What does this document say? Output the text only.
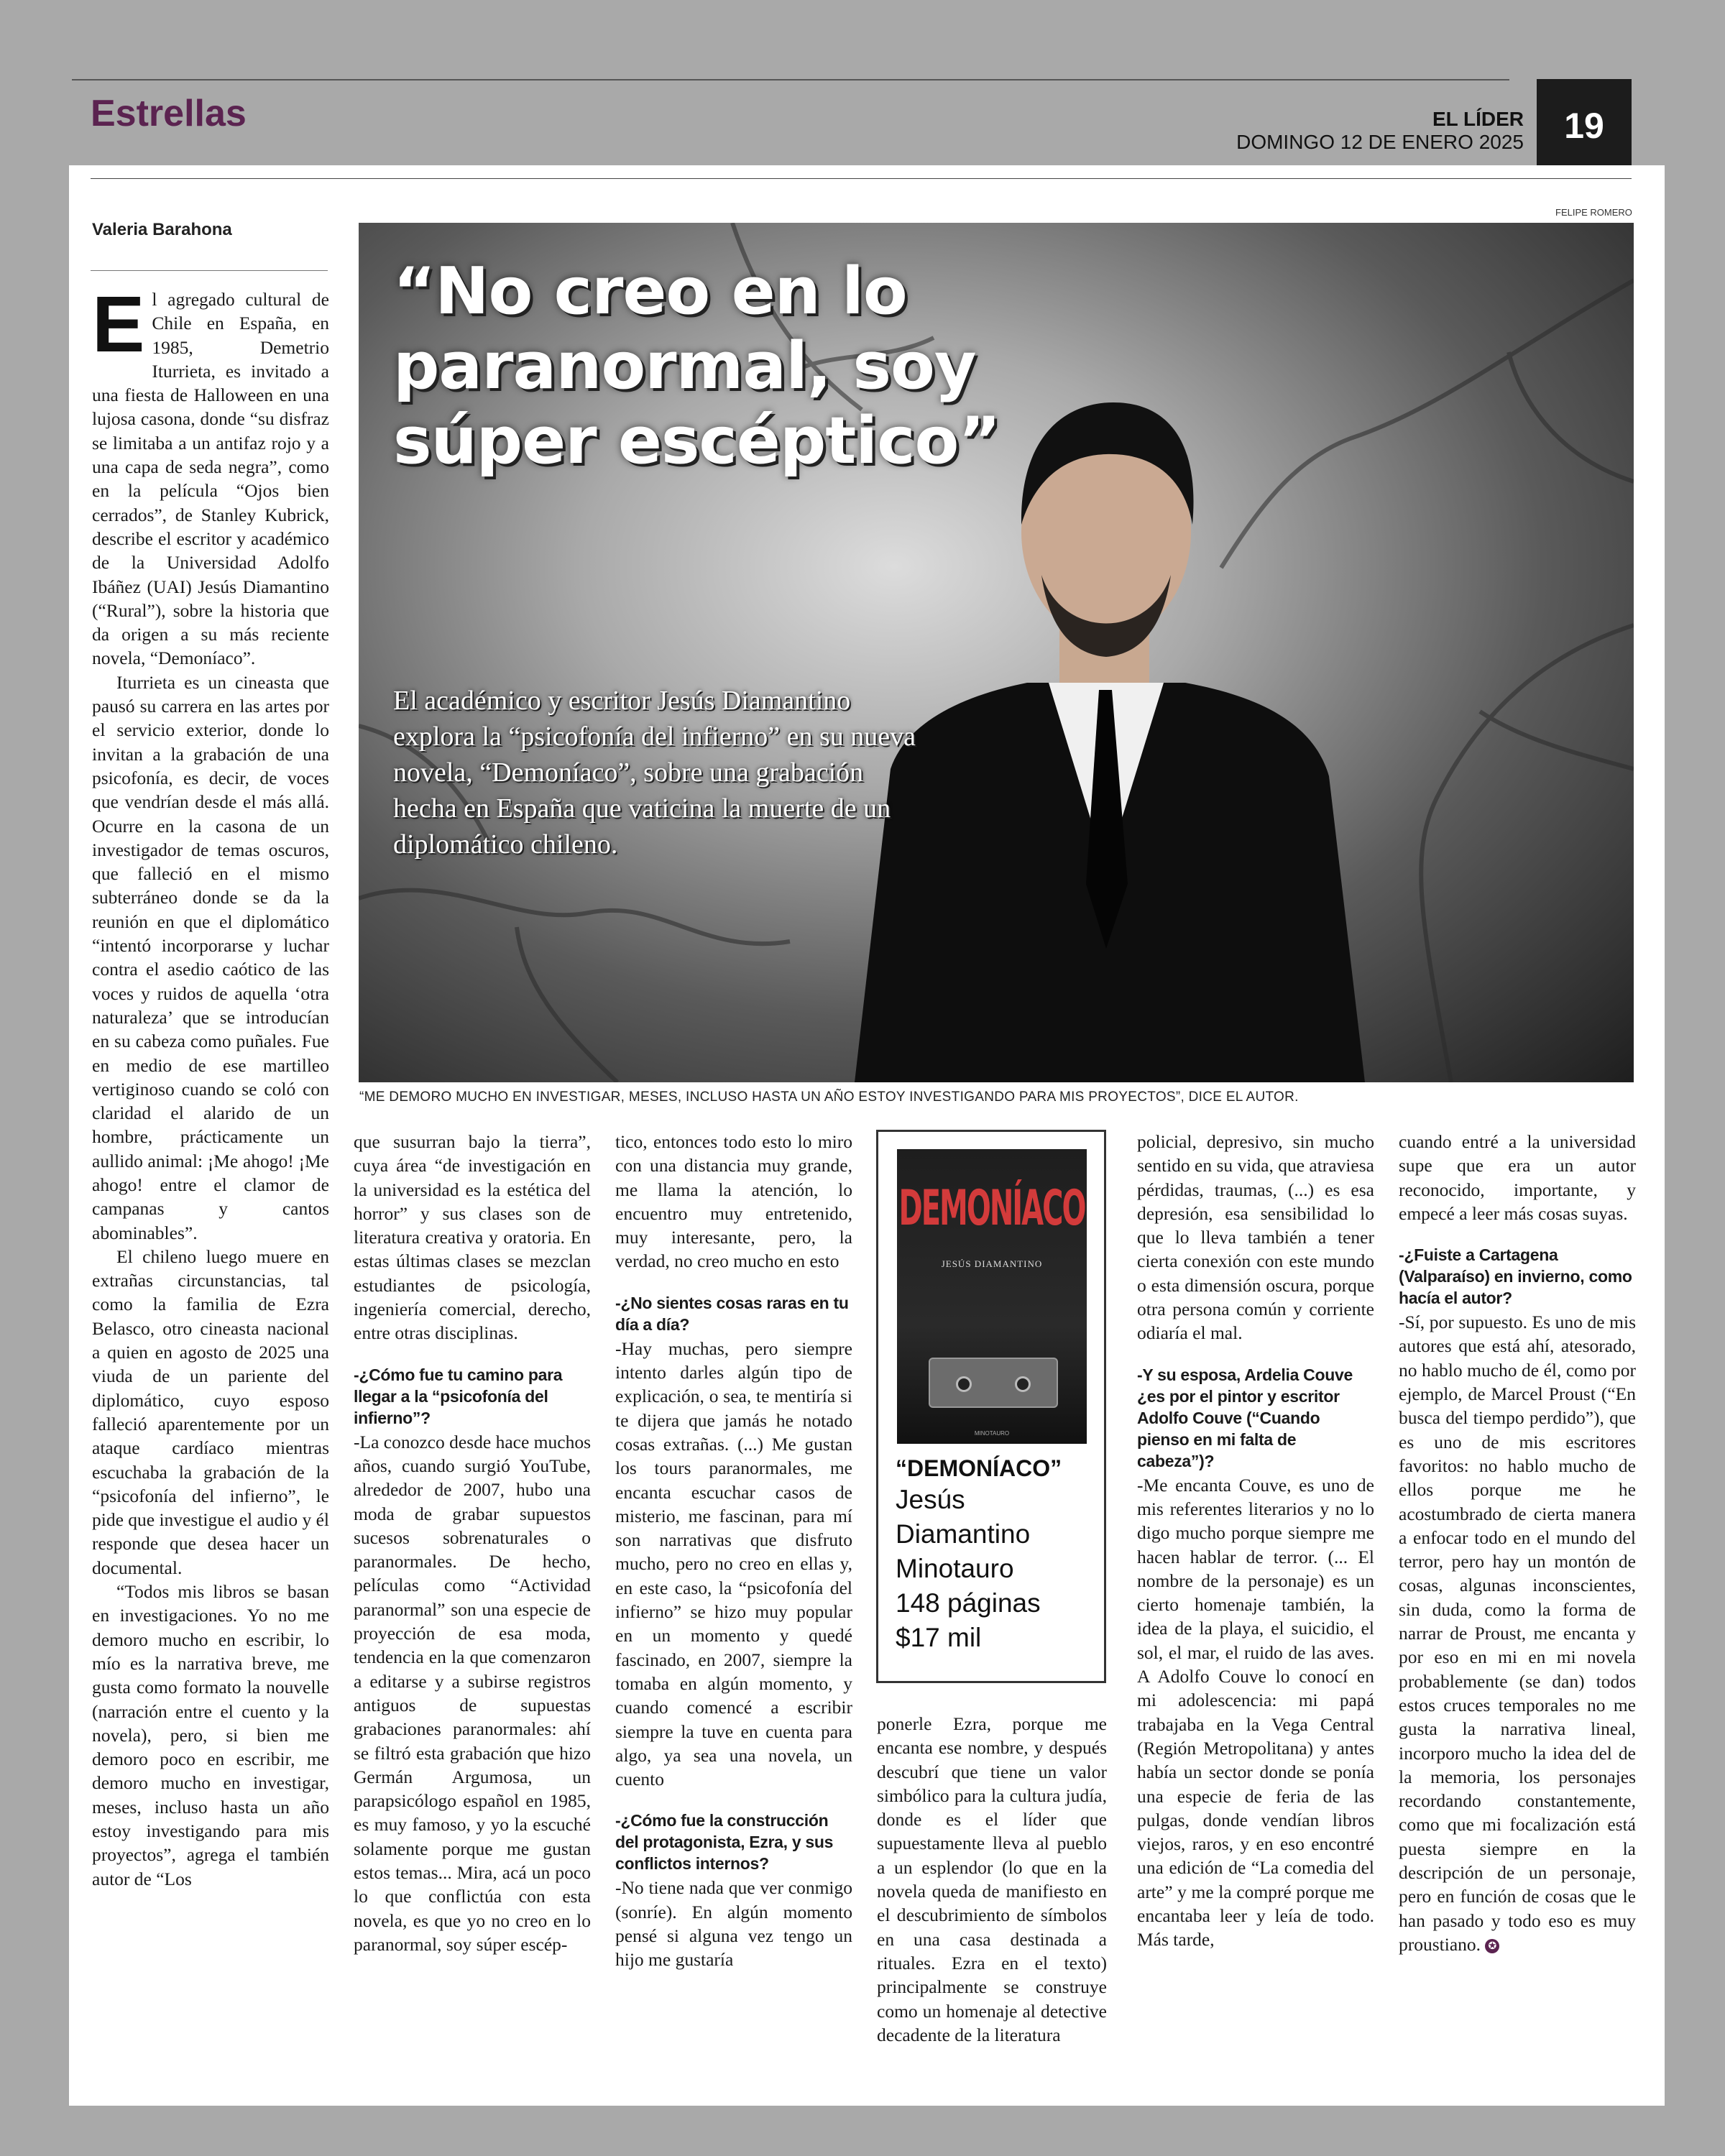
Estrellas	EL LÍDER
DOMINGO 12 DE ENERO 2025	19
Valeria Barahona
FELIPE ROMERO
“No creo en lo paranormal, soy súper escéptico”
El académico y escritor Jesús Diamantino explora la “psicofonía del infierno” en su nueva novela, “Demoníaco”, sobre una grabación hecha en España que vaticina la muerte de un diplomático chileno.
“ME DEMORO MUCHO EN INVESTIGAR, MESES, INCLUSO HASTA UN AÑO ESTOY INVESTIGANDO PARA MIS PROYECTOS”, DICE EL AUTOR.

El agregado cultural de Chile en España, en 1985, Demetrio Iturrieta, es invitado a una fiesta de Halloween en una lujosa casona, donde “su disfraz se limitaba a un antifaz rojo y a una capa de seda negra”, como en la película “Ojos bien cerrados”, de Stanley Kubrick, describe el escritor y académico de la Universidad Adolfo Ibáñez (UAI) Jesús Diamantino (“Rural”), sobre la historia que da origen a su más reciente novela, “Demoníaco”.

Iturrieta es un cineasta que pausó su carrera en las artes por el servicio exterior, donde lo invitan a la grabación de una psicofonía, es decir, de voces que vendrían desde el más allá. Ocurre en la casona de un investigador de temas oscuros, que falleció en el mismo subterráneo donde se da la reunión en que el diplomático “intentó incorporarse y luchar contra el asedio caótico de las voces y ruidos de aquella ‘otra naturaleza’ que se introducían en su cabeza como puñales. Fue en medio de ese martilleo vertiginoso cuando se coló con claridad el alarido de un hombre, prácticamente un aullido animal: ¡Me ahogo! ¡Me ahogo! entre el clamor de campanas y cantos abominables”.

El chileno luego muere en extrañas circunstancias, tal como la familia de Ezra Belasco, otro cineasta nacional a quien en agosto de 2025 una viuda de un pariente del diplomático, cuyo esposo falleció aparentemente por un ataque cardíaco mientras escuchaba la grabación de la “psicofonía del infierno”, le pide que investigue el audio y él responde que desea hacer un documental.

“Todos mis libros se basan en investigaciones. Yo no me demoro mucho en escribir, lo mío es la narrativa breve, me gusta como formato la nouvelle (narración entre el cuento y la novela), pero, si bien me demoro poco en escribir, me demoro mucho en investigar, meses, incluso hasta un año estoy investigando para mis proyectos”, agrega el también autor de “Los

que susurran bajo la tierra”, cuya área “de investigación en la universidad es la estética del horror” y sus clases son de literatura creativa y oratoria. En estas últimas clases se mezclan estudiantes de psicología, ingeniería comercial, derecho, entre otras disciplinas.

-¿Cómo fue tu camino para llegar a la “psicofonía del infierno”?

-La conozco desde hace muchos años, cuando surgió YouTube, alrededor de 2007, hubo una moda de grabar supuestos sucesos sobrenaturales o paranormales. De hecho, películas como “Actividad paranormal” son una especie de proyección de esa moda, tendencia en la que comenzaron a editarse y a subirse registros antiguos de supuestas grabaciones paranormales: ahí se filtró esta grabación que hizo Germán Argumosa, un parapsicólogo español en 1985, es muy famoso, y yo la escuché solamente porque me gustan estos temas... Mira, acá un poco lo que conflictúa con esta novela, es que yo no creo en lo paranormal, soy súper escép-

tico, entonces todo esto lo miro con una distancia muy grande, me llama la atención, lo encuentro muy entretenido, muy interesante, pero, la verdad, no creo mucho en esto

-¿No sientes cosas raras en tu día a día?

-Hay muchas, pero siempre intento darles algún tipo de explicación, o sea, te mentiría si te dijera que jamás he notado cosas extrañas. (...) Me gustan los tours paranormales, me encanta escuchar casos de misterio, me fascinan, para mí son narrativas que disfruto mucho, pero no creo en ellas y, en este caso, la “psicofonía del infierno” se hizo muy popular en un momento y quedé fascinado, en 2007, siempre la tomaba en algún momento, y cuando comencé a escribir siempre la tuve en cuenta para algo, ya sea una novela, un cuento

-¿Cómo fue la construcción del protagonista, Ezra, y sus conflictos internos?

-No tiene nada que ver conmigo (sonríe). En algún momento pensé si alguna vez tengo un hijo me gustaría

DEMONÍACO
JESÚS DIAMANTINO
MINOTAURO
“DEMONÍACO”
Jesús Diamantino
Minotauro
148 páginas
$17 mil

ponerle Ezra, porque me encanta ese nombre, y después descubrí que tiene un valor simbólico para la cultura judía, donde es el líder que supuestamente lleva al pueblo a un esplendor (lo que en la novela queda de manifiesto en el descubrimiento de símbolos en una casa destinada a rituales. Ezra en el texto) principalmente se construye como un homenaje al detective decadente de la literatura

policial, depresivo, sin mucho sentido en su vida, que atraviesa pérdidas, traumas, (...) es esa depresión, esa sensibilidad lo que lo lleva también a tener cierta conexión con este mundo o esta dimensión oscura, porque otra persona común y corriente odiaría el mal.

-Y su esposa, Ardelia Couve ¿es por el pintor y escritor Adolfo Couve (“Cuando pienso en mi falta de cabeza”)?

-Me encanta Couve, es uno de mis referentes literarios y no lo digo mucho porque siempre me hacen hablar de terror. (... El nombre de la personaje) es un cierto homenaje también, la idea de la playa, el suicidio, el sol, el mar, el ruido de las aves. A Adolfo Couve lo conocí en mi adolescencia: mi papá trabajaba en la Vega Central (Región Metropolitana) y antes había un sector donde se ponía una especie de feria de las pulgas, donde vendían libros viejos, raros, y en eso encontré una edición de “La comedia del arte” y me la compré porque me encantaba leer y leía de todo. Más tarde,

cuando entré a la universidad supe que era un autor reconocido, importante, y empecé a leer más cosas suyas.

-¿Fuiste a Cartagena (Valparaíso) en invierno, como hacía el autor?

-Sí, por supuesto. Es uno de mis autores que está ahí, atesorado, no hablo mucho de él, como por ejemplo, de Marcel Proust (“En busca del tiempo perdido”), que es uno de mis escritores favoritos: no hablo mucho de ellos porque me he acostumbrado de cierta manera a enfocar todo en el mundo del terror, pero hay un montón de cosas, algunas inconscientes, sin duda, como la forma de narrar de Proust, me encanta y por eso en mi en mi novela probablemente (se dan) todos estos cruces temporales no me gusta la narrativa lineal, incorporo mucho la idea del de la memoria, los personajes recordando constantemente, como que mi focalización está puesta siempre en la descripción de un personaje, pero en función de cosas que le han pasado y todo eso es muy proustiano. ✪
